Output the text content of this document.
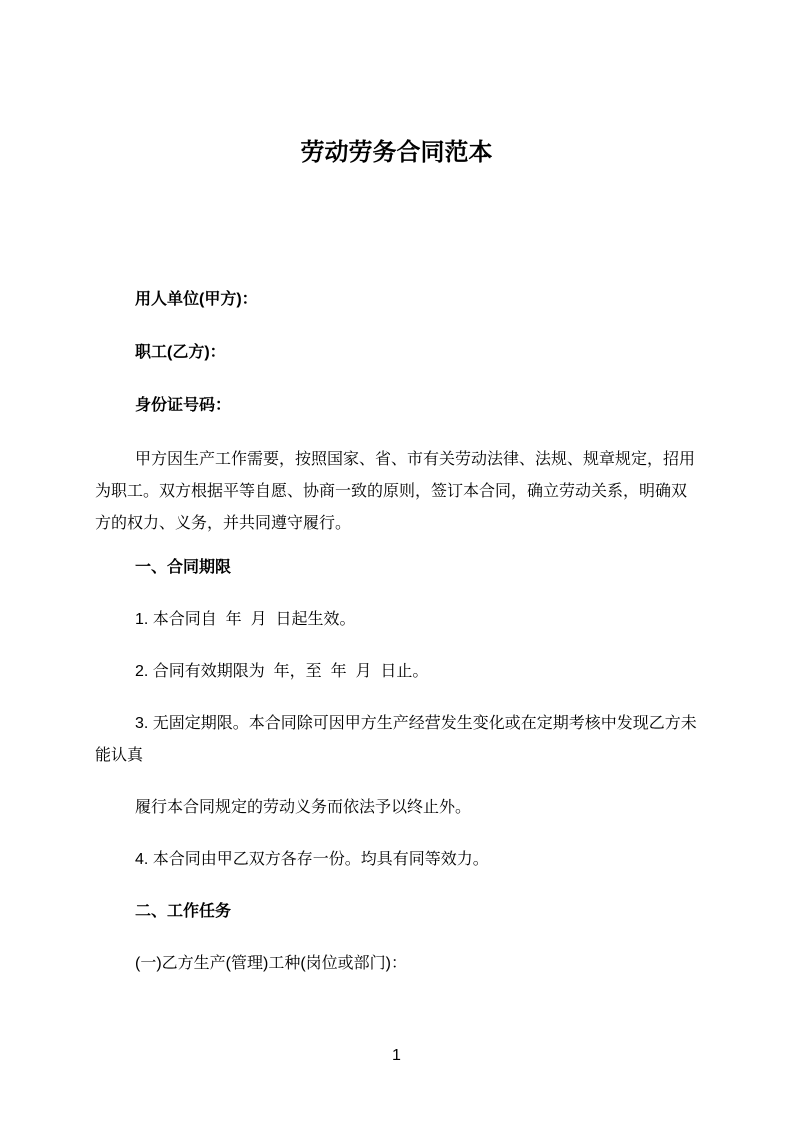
劳动劳务合同范本
用人单位(甲方)：
职工(乙方)：
身份证号码：
甲方因生产工作需要，按照国家、省、市有关劳动法律、法规、规章规定，招用
为职工。双方根据平等自愿、协商一致的原则，签订本合同，确立劳动关系，明确双
方的权力、义务，并共同遵守履行。
一、合同期限
1. 本合同自  年  月  日起生效。
2. 合同有效期限为  年，至  年  月  日止。
3. 无固定期限。本合同除可因甲方生产经营发生变化或在定期考核中发现乙方未
能认真
履行本合同规定的劳动义务而依法予以终止外。
4. 本合同由甲乙双方各存一份。均具有同等效力。
二、工作任务
(一)乙方生产(管理)工种(岗位或部门)：
1
